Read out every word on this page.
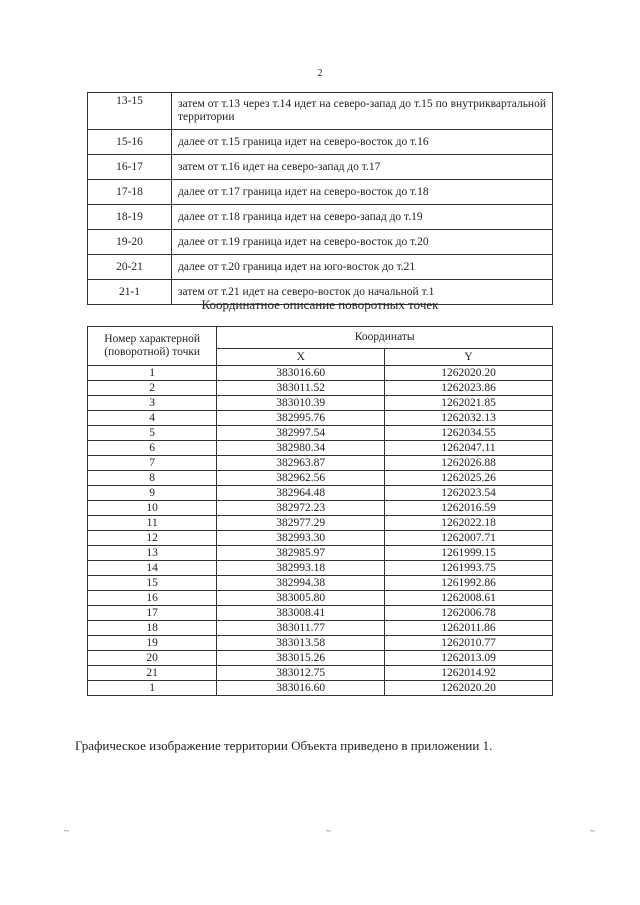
2
13-15	затем от т.13 через т.14 идет на северо-запад до т.15 по внутриквартальной территории
15-16	далее от т.15 граница идет на северо-восток до т.16
16-17	затем от т.16 идет на северо-запад до т.17
17-18	далее от т.17 граница идет на северо-восток до т.18
18-19	далее от т.18 граница идет на северо-запад до т.19
19-20	далее от т.19 граница идет на северо-восток до т.20
20-21	далее от т.20 граница идет на юго-восток до т.21
21-1	затем от т.21 идет на северо-восток до начальной т.1
Координатное описание поворотных точек
Номер характерной (поворотной) точки	Координаты	
	X	Y
1	383016.60	1262020.20
2	383011.52	1262023.86
3	383010.39	1262021.85
4	382995.76	1262032.13
5	382997.54	1262034.55
6	382980.34	1262047.11
7	382963.87	1262026.88
8	382962.56	1262025.26
9	382964.48	1262023.54
10	382972.23	1262016.59
11	382977.29	1262022.18
12	382993.30	1262007.71
13	382985.97	1261999.15
14	382993.18	1261993.75
15	382994.38	1261992.86
16	383005.80	1262008.61
17	383008.41	1262006.78
18	383011.77	1262011.86
19	383013.58	1262010.77
20	383015.26	1262013.09
21	383012.75	1262014.92
1	383016.60	1262020.20
Графическое изображение территории Объекта приведено в приложении 1.
~	~	~
